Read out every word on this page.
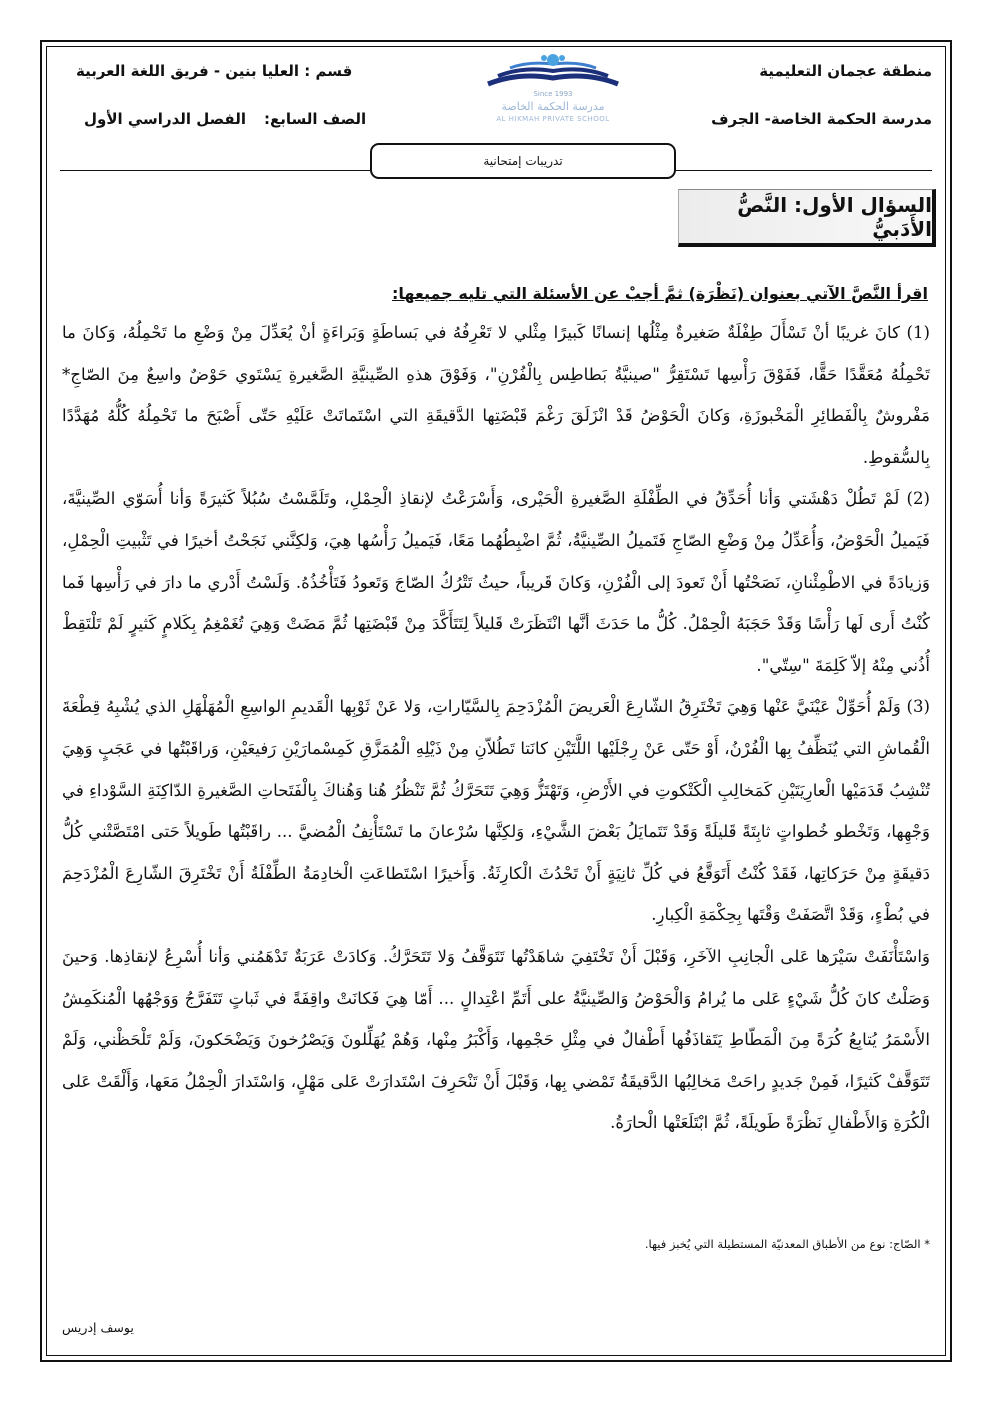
منطقة عجمان التعليمية
مدرسة الحكمة الخاصة- الجرف
قسم : العليا بنين - فريق اللغة العربية
الصف السابع:الفصل الدراسي الأول
Since 1993
مدرسة الحكمة الخاصة
AL HIKMAH PRIVATE SCHOOL
تدريبات إمتحانية
السؤال الأول: النَّصُّ الأَدَبيُّ
اقرأ النَّصَّ الآتي بعنوان (نَظْرَة) ثمَّ أجبْ عن الأسئلة التي تليه جميعها:

(1) كانَ غريبًا أنْ تَسْأَلَ طِفْلَةٌ صَغيرةٌ مِثْلُها إنسانًا كَبيرًا مِثْلي لا تَعْرِفُهُ في بَساطَةٍ وَبَراءَةٍ أنْ يُعَدِّلَ مِنْ وَضْعِ ما تَحْمِلُهُ، وَكانَ ما تَحْمِلُهُ مُعَقَّدًا حَقًّا، فَفَوْقَ رَأْسِها تَسْتَقِرُّ "صينيَّةُ بَطاطِس بِالْفُرْنِ"، وَفَوْقَ هذهِ الصِّينيَّةِ الصَّغيرةِ يَسْتَوي حَوْضٌ واسِعٌ مِنَ الصّاجِ* مَفْروشٌ بِالْفَطائِرِ الْمَخْبوزَةِ، وَكانَ الْحَوْضُ قَدْ انْزَلَقَ رَغْمَ قَبْضَتِها الدَّقيقَةِ التي اسْتَماتَتْ عَلَيْهِ حَتّى أَصْبَحَ ما تَحْمِلُهُ كُلُّهُ مُهَدَّدًا بِالسُّقوطِ.

(2) لَمْ تَطُلْ دَهْشَتي وَأنا أُحَدِّقُ في الطِّفْلَةِ الصَّغيرةِ الْحَيْرى، وَأَسْرَعْتُ لإنقاذِ الْحِمْلِ، وتَلَمَّسْتُ سُبُلاً كَثيرَةً وَأنا أُسَوّي الصِّينيَّةَ، فَيَميلُ الْحَوْضُ، وَأُعَدِّلُ مِنْ وَضْعِ الصّاجِ فَتَميلُ الصِّينيَّةُ، ثُمَّ اضْبِطُهُما مَعًا، فَيَميلُ رَأْسُها هِيَ، وَلكِنَّني نَجَحْتُ أخيرًا في تَثْبيتِ الْحِمْلِ، وَزيادَةً في الاطْمِئْنانِ، نَصَحْتُها أَنْ تَعودَ إلى الْفُرْنِ، وَكانَ قَريباً، حيثُ تَتْرُكُ الصّاجَ وَتَعودُ فَتَأْخُذُهُ. وَلَسْتُ أَدْري ما دارَ في رَأْسِها فَما كُنْتُ أَرى لَها رَأْسًا وَقَدْ حَجَبَهُ الْحِمْلُ. كُلُّ ما حَدَثَ أنَّها انْتَظَرَتْ قَليلاً لِتَتَأَكَّدَ مِنْ قَبْضَتِها ثُمَّ مَضَتْ وَهِيَ تُغَمْغِمُ بِكَلامٍ كَثيرٍ لَمْ تَلْتَقِطْ أُذُني مِنْهُ إلاّ كَلِمَةَ "سِتّي".

(3) وَلَمْ أُحَوِّلْ عَيْنَيَّ عَنْها وَهِيَ تَخْتَرِقُ الشّارِعَ الْعَريضَ الْمُزْدَحِمَ بِالسَّيّاراتِ، وَلا عَنْ ثَوْبِها الْقَديمِ الواسِعِ الْمُهَلْهَلِ الذي يُشْبِهُ قِطْعَةَ الْقُماشِ التي يُنَظِّفُ بِها الْفُرْنُ، أَوْ حَتّى عَنْ رِجْلَيْها اللَّتَيْنِ كانَتا تَطُلاّنِ مِنْ ذَيْلِهِ الْمُمَزَّقِ كَمِسْمارَيْنِ رَفيعَيْنِ، وَراقَبْتُها في عَجَبٍ وَهِيَ تُنْشِبُ قَدَمَيْها الْعارِيَتَيْنِ كَمَخالِبِ الْكَتْكوتِ في الأَرْضِ، وَتَهْتَزُّ وَهِيَ تَتَحَرَّكُ ثُمَّ تَنْظُرُ هُنا وَهُناكَ بِالْفَتَحاتِ الصَّغيرةِ الدّاكِنَةِ السَّوْداءِ في وَجْهِها، وَتَخْطو خُطواتٍ ثابِتَةً قَليلَةً وَقَدْ تَتَمايَلُ بَعْضَ الشَّيْءِ، وَلكِنَّها سُرْعانَ ما تَسْتَأْنِفُ الْمُضيَّ ... راقَبْتُها طَويلاً حَتى امْتَصَّتْني كُلُّ دَقيقَةٍ مِنْ حَرَكاتِها، فَقَدْ كُنْتُ أَتَوَقَّعُ في كُلِّ ثانِيَةٍ أَنْ تَحْدُثَ الْكارِثَةُ. وَأَخيرًا اسْتَطاعَتِ الْخادِمَةُ الطِّفْلَةُ أَنْ تَخْتَرِقَ الشّارِعَ الْمُزْدَحِمَ في بُطْءٍ، وَقَدْ اتَّصَفَتْ وَقْتَها بِحِكْمَةِ الْكِبارِ.

وَاسْتَأْنَفَتْ سَيْرَها عَلى الْجانِبِ الآخَرِ، وَقَبْلَ أَنْ تَخْتَفِيَ شاهَدْتُها تَتَوَقَّفُ وَلا تَتَحَرَّكُ. وَكادَتْ عَرَبَةٌ تَدْهَمُني وَأنا أُسْرِعُ لإنقاذِها. وَحينَ وَصَلْتُ كانَ كُلُّ شَيْءٍ عَلى ما يُرامُ وَالْحَوْضُ وَالصِّينيَّةُ على أَتَمِّ اعْتِدالٍ ... أَمّا هِيَ فَكانَتْ واقِفَةً في ثَباتٍ تَتَفَرَّجُ وَوَجْهُها الْمُنكَمِشُ الأَسْمَرُ يُتابِعُ كُرَةً مِنَ الْمَطّاطِ يَتَقاذَفُها أَطْفالٌ في مِثْلِ حَجْمِها، وَأَكْبَرُ مِنْها، وَهُمْ يُهَلِّلونَ وَيَصْرُخونَ وَيَضْحَكونَ، وَلَمْ تَلْحَظْني، وَلَمْ تَتَوَقَّفْ كَثيرًا، فَمِنْ جَديدٍ راحَتْ مَخالِبُها الدَّقيقَةُ تَمْضي بِها، وَقَبْلَ أَنْ تَنْحَرِفَ اسْتَدارَتْ عَلى مَهْلٍ، وَاسْتَدارَ الْحِمْلُ مَعَها، وَأَلْقَتْ عَلى الْكُرَةِ وَالأَطْفالِ نَظْرَةً طَويلَةً، ثُمَّ ابْتَلَعَتْها الْحارَةُ.

* الصّاج: نوع من الأطباق المعدنيّة المستطيلة التي يُخبز فيها.
يوسف إدريس
